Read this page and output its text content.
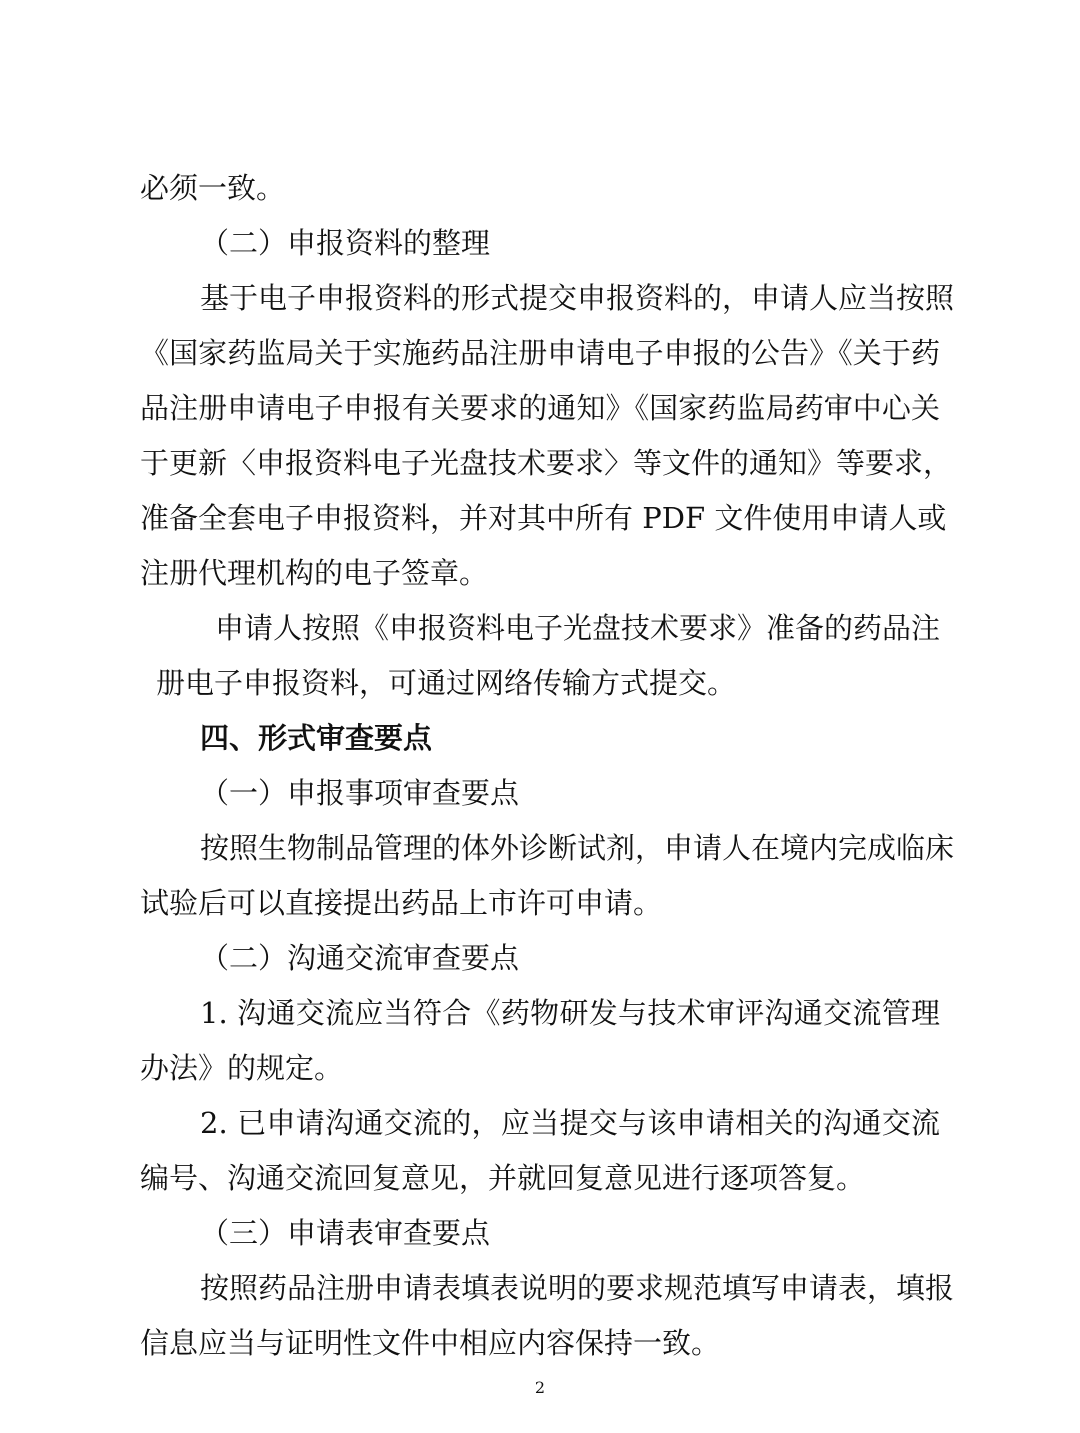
必须一致。
（二）申报资料的整理
基于电子申报资料的形式提交申报资料的，申请人应当按照
《国家药监局关于实施药品注册申请电子申报的公告》《关于药
品注册申请电子申报有关要求的通知》《国家药监局药审中心关
于更新〈申报资料电子光盘技术要求〉等文件的通知》等要求，
准备全套电子申报资料，并对其中所有 PDF 文件使用申请人或
注册代理机构的电子签章。
申请人按照《申报资料电子光盘技术要求》准备的药品注
册电子申报资料，可通过网络传输方式提交。
四、形式审查要点
（一）申报事项审查要点
按照生物制品管理的体外诊断试剂，申请人在境内完成临床
试验后可以直接提出药品上市许可申请。
（二）沟通交流审查要点
1. 沟通交流应当符合《药物研发与技术审评沟通交流管理
办法》的规定。
2. 已申请沟通交流的，应当提交与该申请相关的沟通交流
编号、沟通交流回复意见，并就回复意见进行逐项答复。
（三）申请表审查要点
按照药品注册申请表填表说明的要求规范填写申请表，填报
信息应当与证明性文件中相应内容保持一致。
2
